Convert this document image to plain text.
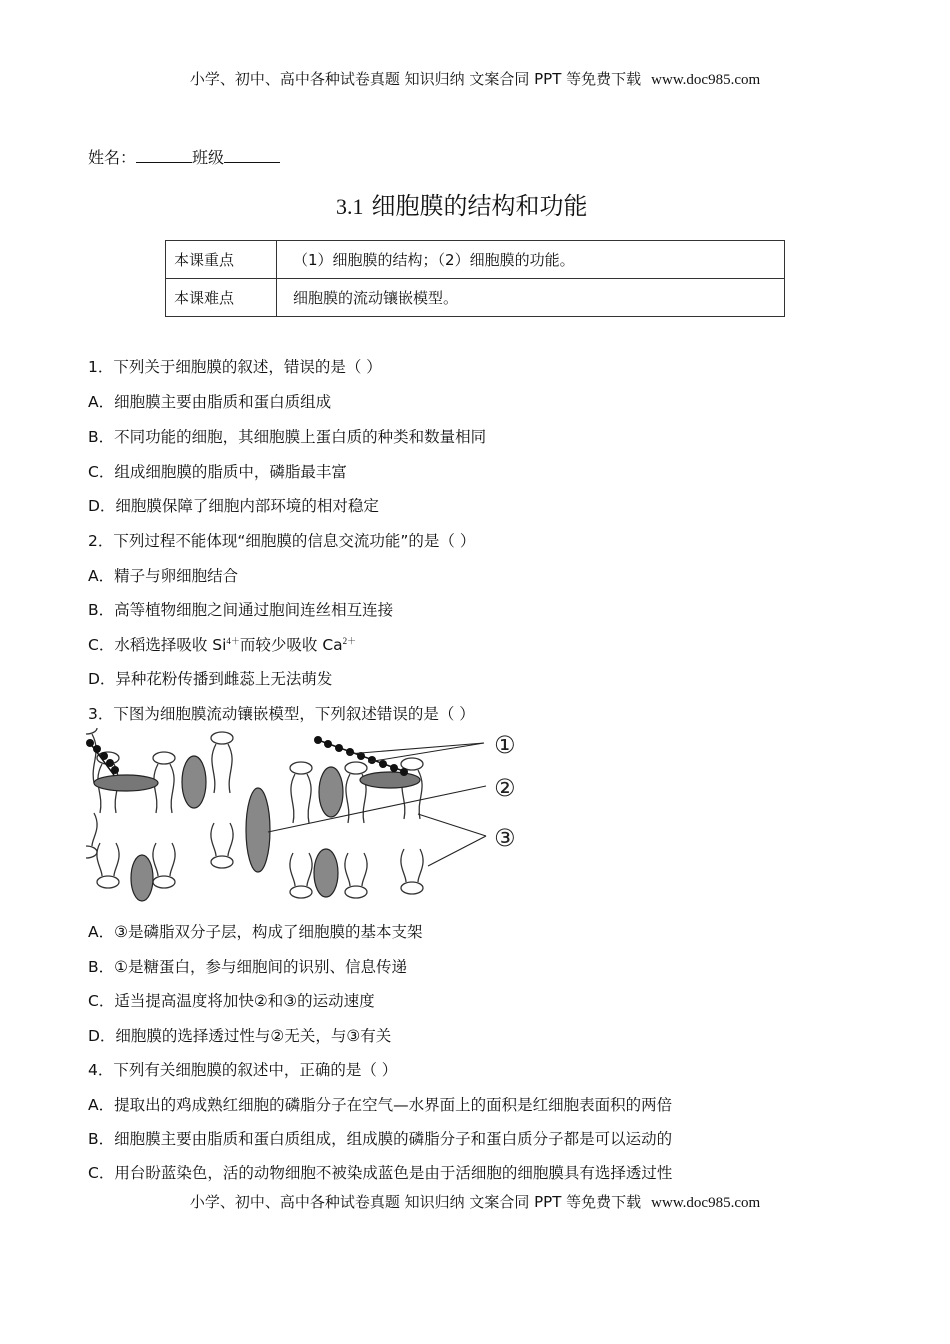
小学、初中、高中各种试卷真题 知识归纳 文案合同 PPT 等免费下载 www.doc985.com
姓名：	班级
3.1 细胞膜的结构和功能
本课重点	（1）细胞膜的结构；（2）细胞膜的功能。
本课难点	细胞膜的流动镶嵌模型。
1．下列关于细胞膜的叙述，错误的是（ ）
A．细胞膜主要由脂质和蛋白质组成
B．不同功能的细胞，其细胞膜上蛋白质的种类和数量相同
C．组成细胞膜的脂质中，磷脂最丰富
D．细胞膜保障了细胞内部环境的相对稳定
2．下列过程不能体现“细胞膜的信息交流功能”的是（ ）
A．精子与卵细胞结合
B．高等植物细胞之间通过胞间连丝相互连接
C．水稻选择吸收 $Si^{4+}$而较少吸收 $Ca^{2+}$
D．异种花粉传播到雌蕊上无法萌发
3．下图为细胞膜流动镶嵌模型，下列叙述错误的是（ ）
①
②
③
A．③是磷脂双分子层，构成了细胞膜的基本支架
B．①是糖蛋白，参与细胞间的识别、信息传递
C．适当提高温度将加快②和③的运动速度
D．细胞膜的选择透过性与②无关，与③有关
4．下列有关细胞膜的叙述中，正确的是（ ）
A．提取出的鸡成熟红细胞的磷脂分子在空气—水界面上的面积是红细胞表面积的两倍
B．细胞膜主要由脂质和蛋白质组成，组成膜的磷脂分子和蛋白质分子都是可以运动的
C．用台盼蓝染色，活的动物细胞不被染成蓝色是由于活细胞的细胞膜具有选择透过性
小学、初中、高中各种试卷真题 知识归纳 文案合同 PPT 等免费下载 www.doc985.com
